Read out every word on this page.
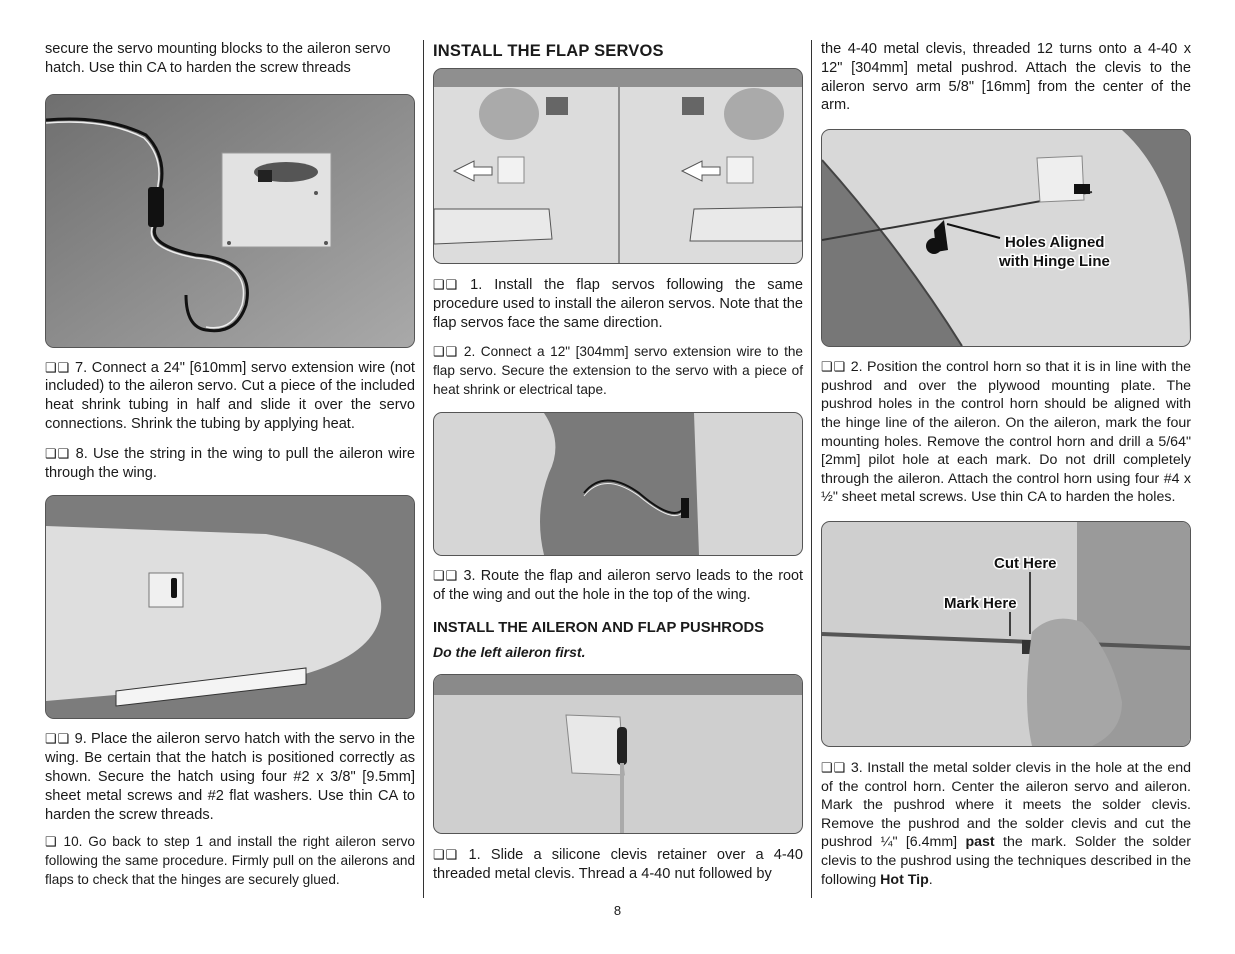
secure the servo mounting blocks to the aileron servo hatch. Use thin CA to harden the screw threads

❑❑ 7. Connect a 24" [610mm] servo extension wire (not included) to the aileron servo. Cut a piece of the included heat shrink tubing in half and slide it over the servo connections. Shrink the tubing by applying heat.

❑❑ 8. Use the string in the wing to pull the aileron wire through the wing.

❑❑ 9. Place the aileron servo hatch with the servo in the wing. Be certain that the hatch is positioned correctly as shown. Secure the hatch using four #2 x 3/8" [9.5mm] sheet metal screws and #2 flat washers. Use thin CA to harden the screw threads.

❑ 10. Go back to step 1 and install the right aileron servo following the same procedure. Firmly pull on the ailerons and flaps to check that the hinges are securely glued.

INSTALL THE FLAP SERVOS

❑❑ 1. Install the flap servos following the same procedure used to install the aileron servos. Note that the flap servos face the same direction.

❑❑ 2. Connect a 12" [304mm] servo extension wire to the flap servo. Secure the extension to the servo with a piece of heat shrink or electrical tape.

❑❑ 3. Route the flap and aileron servo leads to the root of the wing and out the hole in the top of the wing.

INSTALL THE AILERON AND FLAP PUSHRODS
Do the left aileron first.

❑❑ 1. Slide a silicone clevis retainer over a 4-40 threaded metal clevis. Thread a 4-40 nut followed by

the 4-40 metal clevis, threaded 12 turns onto a 4-40 x 12" [304mm] metal pushrod. Attach the clevis to the aileron servo arm 5/8" [16mm] from the center of the arm.

Holes Aligned
with Hinge Line

❑❑ 2. Position the control horn so that it is in line with the pushrod and over the plywood mounting plate. The pushrod holes in the control horn should be aligned with the hinge line of the aileron. On the aileron, mark the four mounting holes. Remove the control horn and drill a 5/64" [2mm] pilot hole at each mark. Do not drill completely through the aileron. Attach the control horn using four #4 x ½" sheet metal screws. Use thin CA to harden the holes.

Cut Here
Mark Here

❑❑ 3. Install the metal solder clevis in the hole at the end of the control horn. Center the aileron servo and aileron. Mark the pushrod where it meets the solder clevis. Remove the pushrod and the solder clevis and cut the pushrod ¼" [6.4mm] past the mark. Solder the solder clevis to the pushrod using the techniques described in the following Hot Tip.

8
